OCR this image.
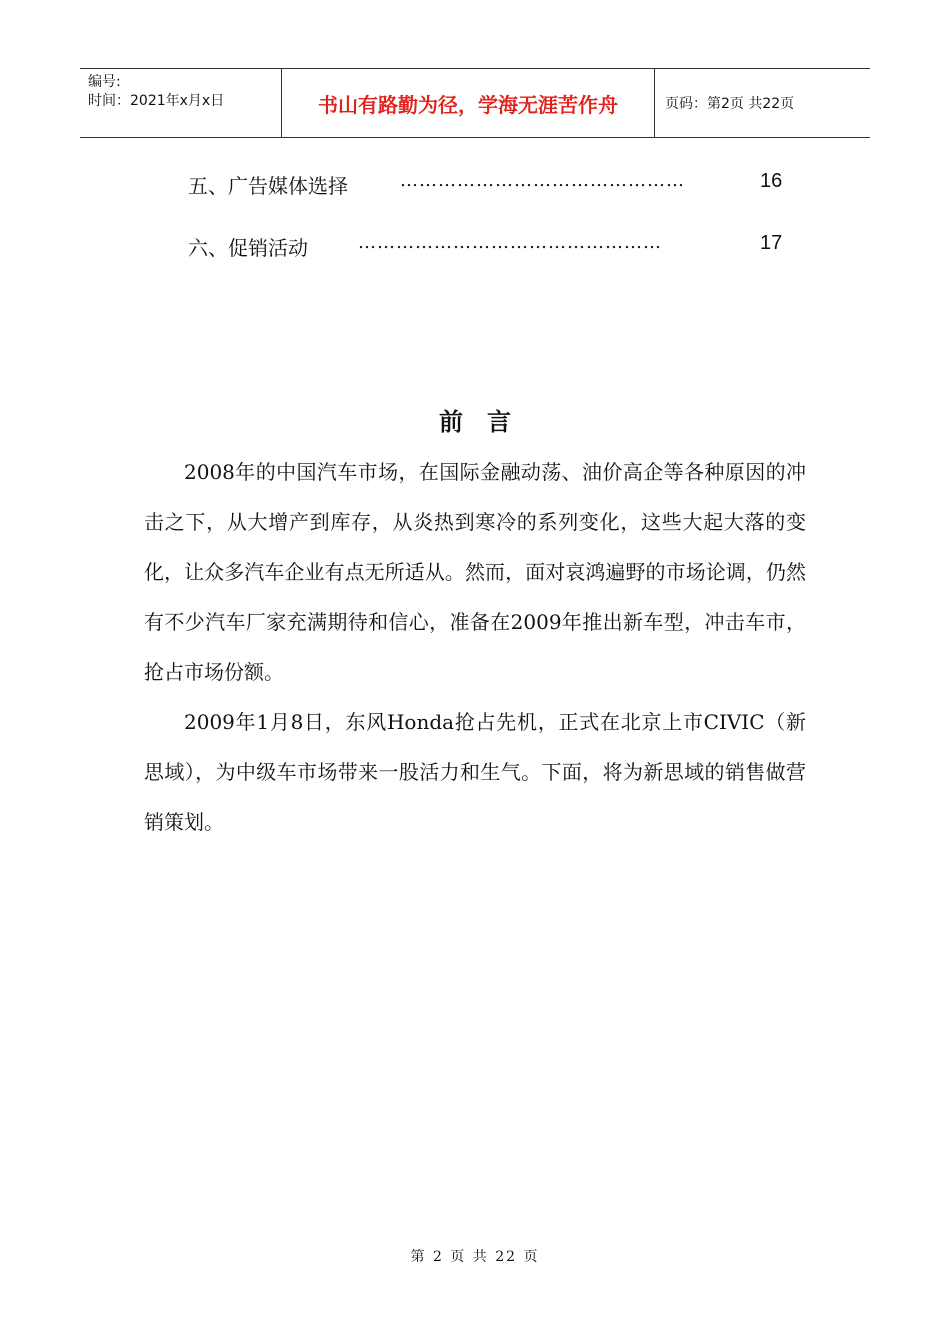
编号:
时间：2021年x月x日	书山有路勤为径，学海无涯苦作舟	页码：第2页 共22页
五、广告媒体选择	………………………………………	16
六、促销活动	…………………………………………	17
前言

2008年的中国汽车市场，在国际金融动荡、油价高企等各种原因的冲击之下，从大增产到库存，从炎热到寒冷的系列变化，这些大起大落的变化，让众多汽车企业有点无所适从。然而，面对哀鸿遍野的市场论调，仍然有不少汽车厂家充满期待和信心，准备在2009年推出新车型，冲击车市，抢占市场份额。

2009年1月8日，东风Honda抢占先机，正式在北京上市CIVIC（新思域），为中级车市场带来一股活力和生气。下面，将为新思域的销售做营销策划。

第 2 页 共 22 页
